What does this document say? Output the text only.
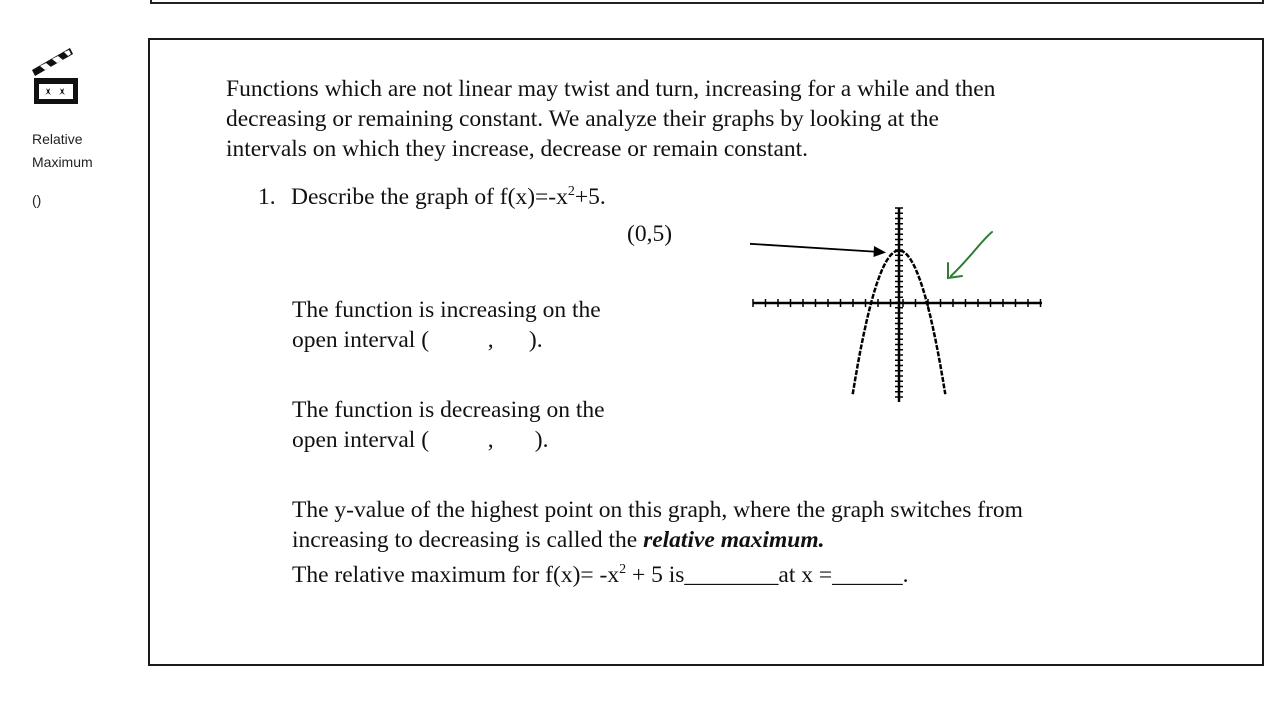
Relative
Maximum
()
Functions which are not linear may twist and turn, increasing for a while and then
decreasing or remaining constant. We analyze their graphs by looking at the
intervals on which they increase, decrease or remain constant.
1. Describe the graph of $f(x)=-x^2+5$.
(0,5)
The function is increasing on the
open interval (          ,      ).
The function is decreasing on the
open interval (          ,       ).
The y-value of the highest point on this graph, where the graph switches from
increasing to decreasing is called the relative maximum.
The relative maximum for $f(x)= -x^2 + 5$ is________at x =______.
